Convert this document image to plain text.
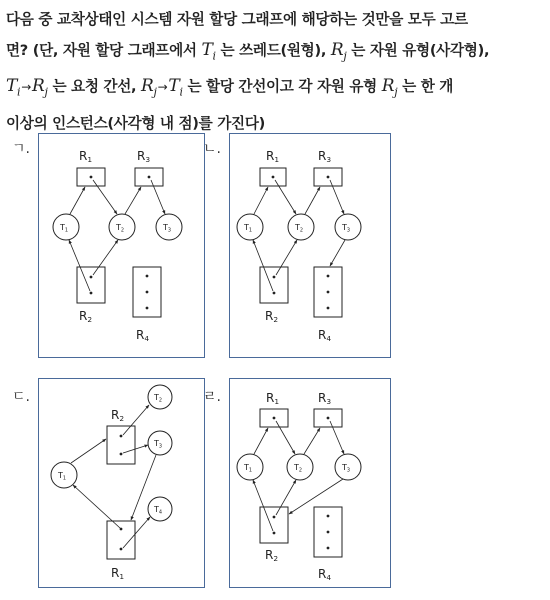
다음 중 교착상태인 시스템 자원 할당 그래프에 해당하는 것만을 모두 고르
면? (단, 자원 할당 그래프에서 $T_i$ 는 쓰레드(원형), $R_j$ 는 자원 유형(사각형),
$T_i\to R_j$ 는 요청 간선, $R_j\to T_i$ 는 할당 간선이고 각 자원 유형 $R_j$ 는 한 개
이상의 인스턴스(사각형 내 점)를 가진다)
ㄱ.	R1	R3
T1	T2	T3
R2
R4
ㄴ.	R1	R3
T1	T2	T3
R2
R4
ㄷ.
R2
T2
T3
T1
T4
R1
ㄹ.	R1	R3
T1	T2	T3
R2
R4
